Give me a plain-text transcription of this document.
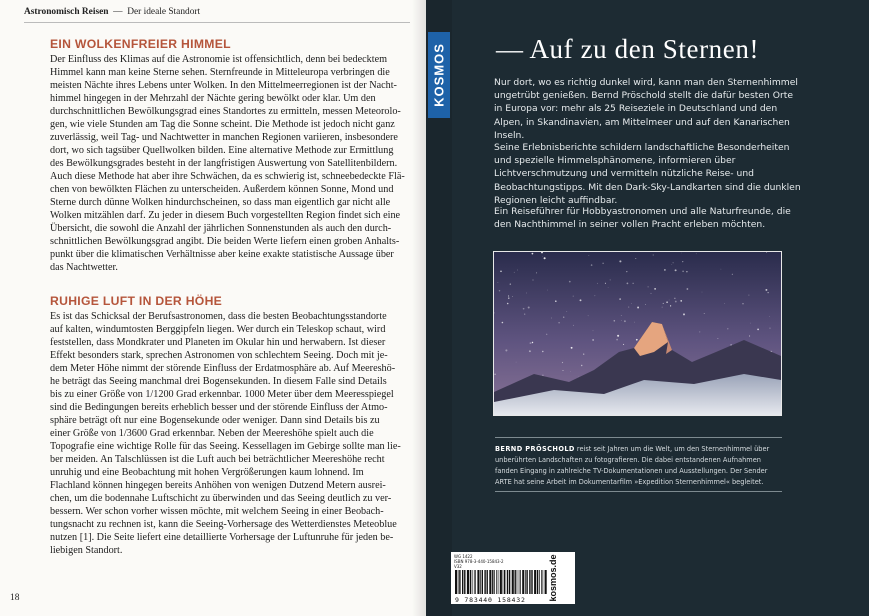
Astronomisch Reisen — Der ideale Standort
EIN WOLKENFREIER HIMMEL
Der Einfluss des Klimas auf die Astronomie ist offensichtlich, denn bei bedecktem
Himmel kann man keine Sterne sehen. Sternfreunde in Mitteleuropa verbringen die
meisten Nächte ihres Lebens unter Wolken. In den Mittelmeerregionen ist der Nacht-
himmel hingegen in der Mehrzahl der Nächte gering bewölkt oder klar. Um den
durchschnittlichen Bewölkungsgrad eines Standortes zu ermitteln, messen Meteorolo-
gen, wie viele Stunden am Tag die Sonne scheint. Die Methode ist jedoch nicht ganz
zuverlässig, weil Tag- und Nachtwetter in manchen Regionen variieren, insbesondere
dort, wo sich tagsüber Quellwolken bilden. Eine alternative Methode zur Ermittlung
des Bewölkungsgrades besteht in der langfristigen Auswertung von Satellitenbildern.
Auch diese Methode hat aber ihre Schwächen, da es schwierig ist, schneebedeckte Flä-
chen von bewölkten Flächen zu unterscheiden. Außerdem können Sonne, Mond und
Sterne durch dünne Wolken hindurchscheinen, so dass man eigentlich gar nicht alle
Wolken mitzählen darf. Zu jeder in diesem Buch vorgestellten Region findet sich eine
Übersicht, die sowohl die Anzahl der jährlichen Sonnenstunden als auch den durch-
schnittlichen Bewölkungsgrad angibt. Die beiden Werte liefern einen groben Anhalts-
punkt über die klimatischen Verhältnisse aber keine exakte statistische Aussage über
das Nachtwetter.
RUHIGE LUFT IN DER HÖHE
Es ist das Schicksal der Berufsastronomen, dass die besten Beobachtungsstandorte
auf kalten, windumtosten Berggipfeln liegen. Wer durch ein Teleskop schaut, wird
feststellen, dass Mondkrater und Planeten im Okular hin und herwabern. Ist dieser
Effekt besonders stark, sprechen Astronomen von schlechtem Seeing. Doch mit je-
dem Meter Höhe nimmt der störende Einfluss der Erdatmosphäre ab. Auf Meereshö-
he beträgt das Seeing manchmal drei Bogensekunden. In diesem Falle sind Details
bis zu einer Größe von 1/1200 Grad erkennbar. 1000 Meter über dem Meeresspiegel
sind die Bedingungen bereits erheblich besser und der störende Einfluss der Atmo-
sphäre beträgt oft nur eine Bogensekunde oder weniger. Dann sind Details bis zu
einer Größe von 1/3600 Grad erkennbar. Neben der Meereshöhe spielt auch die
Topografie eine wichtige Rolle für das Seeing. Kessellagen im Gebirge sollte man lie-
ber meiden. An Talschlüssen ist die Luft auch bei beträchtlicher Meereshöhe recht
unruhig und eine Beobachtung mit hohen Vergrößerungen kaum lohnend. Im
Flachland können hingegen bereits Anhöhen von wenigen Dutzend Metern ausrei-
chen, um die bodennahe Luftschicht zu überwinden und das Seeing deutlich zu ver-
bessern. Wer schon vorher wissen möchte, mit welchem Seeing in einer Beobach-
tungsnacht zu rechnen ist, kann die Seeing-Vorhersage des Wetterdienstes Meteoblue
nutzen [1]. Die Seite liefert eine detaillierte Vorhersage der Luftunruhe für jeden be-
liebigen Standort.
18
KOSMOS — Auf zu den Sternen!
Nur dort, wo es richtig dunkel wird, kann man den Sternenhimmel ungetrübt genießen. Bernd Pröschold stellt die dafür besten Orte in Europa vor: mehr als 25 Reiseziele in Deutschland und den Alpen, in Skandinavien, am Mittelmeer und auf den Kanarischen Inseln.
Seine Erlebnisberichte schildern landschaftliche Besonderheiten und spezielle Himmelsphänomene, informieren über Lichtverschmutzung und vermitteln nützliche Reise- und Beobachtungstipps. Mit den Dark-Sky-Landkarten sind die dunklen Regionen leicht auffindbar.
Ein Reiseführer für Hobbyastronomen und alle Naturfreunde, die den Nachthimmel in seiner vollen Pracht erleben möchten.
BERND PRÖSCHOLD reist seit Jahren um die Welt, um den Sternenhimmel über unberührten Landschaften zu fotografieren. Die dabei entstandenen Aufnahmen fanden Eingang in zahlreiche TV-Dokumentationen und Ausstellungen. Der Sender ARTE hat seine Arbeit im Dokumentarfilm »Expedition Sternenhimmel« begleitet.
WG 1422
ISBN 978-3-440-15843-2
V32
9 783440 158432 kosmos.de
